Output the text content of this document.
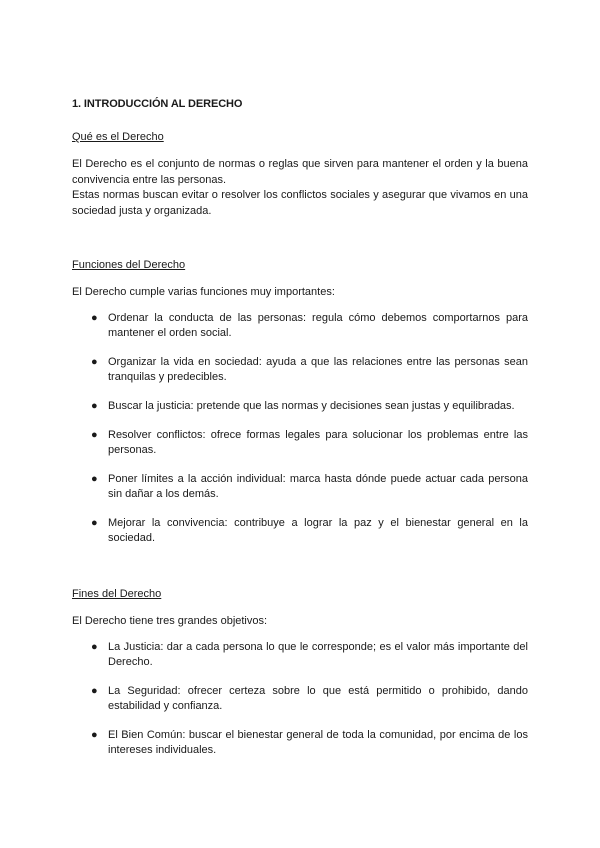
1. INTRODUCCIÓN AL DERECHO
Qué es el Derecho

El Derecho es el conjunto de normas o reglas que sirven para mantener el orden y la buena convivencia entre las personas.

Estas normas buscan evitar o resolver los conflictos sociales y asegurar que vivamos en una sociedad justa y organizada.

Funciones del Derecho
El Derecho cumple varias funciones muy importantes:
● Ordenar la conducta de las personas: regula cómo debemos comportarnos para mantener el orden social.
● Organizar la vida en sociedad: ayuda a que las relaciones entre las personas sean tranquilas y predecibles.
● Buscar la justicia: pretende que las normas y decisiones sean justas y equilibradas.
● Resolver conflictos: ofrece formas legales para solucionar los problemas entre las personas.
● Poner límites a la acción individual: marca hasta dónde puede actuar cada persona sin dañar a los demás.
● Mejorar la convivencia: contribuye a lograr la paz y el bienestar general en la sociedad.
Fines del Derecho
El Derecho tiene tres grandes objetivos:
● La Justicia: dar a cada persona lo que le corresponde; es el valor más importante del Derecho.
● La Seguridad: ofrecer certeza sobre lo que está permitido o prohibido, dando estabilidad y confianza.
● El Bien Común: buscar el bienestar general de toda la comunidad, por encima de los intereses individuales.
